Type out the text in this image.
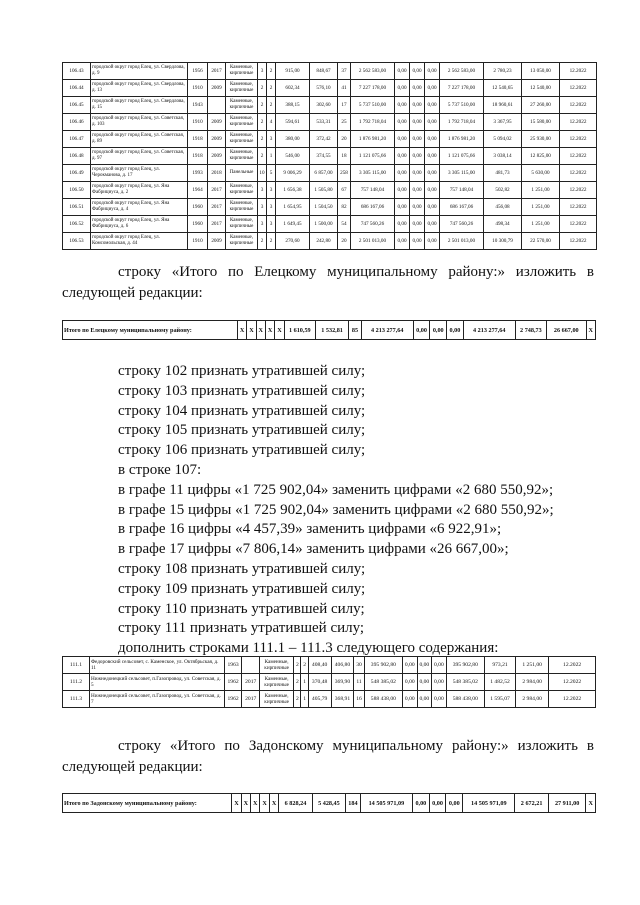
106.43	городской округ город Елец, ул. Свердлова, д. 9	1956	2017	Каменные, кирпичные	3	2	915,00	848,67	37	2 562 583,00	0,00	0,00	0,00	2 562 583,00	2 780,23	13 050,00	12.2022
106.44	городской округ город Елец, ул. Свердлова, д. 13	1910	2009	Каменные, кирпичные	2	2	602,34	576,10	41	7 227 178,00	0,00	0,00	0,00	7 227 178,00	12 540,65	12 540,00	12.2022
106.45	городской округ город Елец, ул. Свердлова, д. 15	1943		Каменные, кирпичные	2	2	388,15	302,60	17	5 737 510,00	0,00	0,00	0,00	5 737 510,00	18 960,61	27 260,00	12.2022
106.46	городской округ город Елец, ул. Советская, д. 103	1910	2009	Каменные, кирпичные	2	4	594,61	533,31	25	1 792 718,04	0,00	0,00	0,00	1 792 718,04	3 367,95	15 580,00	12.2022
106.47	городской округ город Елец, ул. Советская, д. 89	1918	2009	Каменные, кирпичные	2	3	380,00	372,42	20	1 876 981,20	0,00	0,00	0,00	1 876 981,20	5 094,02	25 930,00	12.2022
106.48	городской округ город Елец, ул. Советская, д. 97	1918	2009	Каменные, кирпичные	2	1	546,00	374,55	18	1 121 075,66	0,00	0,00	0,00	1 121 075,66	3 038,14	12 825,00	12.2022
106.49	городской округ город Елец, ул. Черокманова, д. 17	1993	2018	Панельные	10	5	9 006,29	6 857,00	258	3 305 115,00	0,00	0,00	0,00	3 305 115,00	481,73	5 630,00	12.2022
106.50	городской округ город Елец, ул. Яна Фабрициуса, д. 2	1964	2017	Каменные, кирпичные	3	3	1 656,38	1 505,80	67	757 148,04	0,00	0,00	0,00	757 148,04	502,82	1 251,00	12.2022
106.51	городской округ город Елец, ул. Яна Фабрициуса, д. 4	1960	2017	Каменные, кирпичные	3	3	1 654,95	1 504,50	82	686 167,06	0,00	0,00	0,00	686 167,06	456,08	1 251,00	12.2022
106.52	городской округ город Елец, ул. Яна Фабрициуса, д. 6	1960	2017	Каменные, кирпичные	3	3	1 649,45	1 500,00	54	747 560,26	0,00	0,00	0,00	747 560,26	498,34	1 251,00	12.2022
106.53	городской округ город Елец, ул. Комсомольская, д. 44	1910	2009	Каменные, кирпичные	2	2	270,60	242,80	20	2 501 013,00	0,00	0,00	0,00	2 501 013,00	10 300,79	22 570,00	12.2022

строку «Итого по Елецкому муниципальному району:» изложить в
следующей редакции:

Итого по Елецкому муниципальному району:	X	X	X	X	X	1 610,59	1 532,81	85	4 213 277,64	0,00	0,00	0,00	4 213 277,64	2 748,73	26 667,00	X
строку 102 признать утратившей силу;
строку 103 признать утратившей силу;
строку 104 признать утратившей силу;
строку 105 признать утратившей силу;
строку 106 признать утратившей силу;
в строке 107:
в графе 11 цифры «1 725 902,04» заменить цифрами «2 680 550,92»;
в графе 15 цифры «1 725 902,04» заменить цифрами «2 680 550,92»;
в графе 16 цифры «4 457,39» заменить цифрами «6 922,91»;
в графе 17 цифры «7 806,14» заменить цифрами «26 667,00»;
строку 108 признать утратившей силу;
строку 109 признать утратившей силу;
строку 110 признать утратившей силу;
строку 111 признать утратившей силу;
дополнить строками 111.1 – 111.3 следующего содержания:
111.1	Федоровский сельсовет, с. Каменское, ул. Октябрьская, д. 11	1963		Каменные, кирпичные	2	2	408,40	406,80	30	395 902,80	0,00	0,00	0,00	395 902,80	973,21	1 251,00	12.2022
111.2	Нижнедонецкий сельсовет, п.Газопровод, ул. Советская, д. 5	1962	2017	Каменные, кирпичные	2	1	370,48	369,90	11	548 385,02	0,00	0,00	0,00	548 385,02	1 482,52	2 984,00	12.2022
111.3	Нижнедонецкий сельсовет, п.Газопровод, ул. Советская, д. 7	1962	2017	Каменные, кирпичные	2	1	405,79	368,91	16	588 438,00	0,00	0,00	0,00	588 438,00	1 595,07	2 984,00	12.2022

строку «Итого по Задонскому муниципальному району:» изложить в
следующей редакции:

Итого по Задонскому муниципальному району:	X	X	X	X	X	6 828,24	5 428,45	184	14 505 971,09	0,00	0,00	0,00	14 505 971,09	2 672,21	27 911,00	X
